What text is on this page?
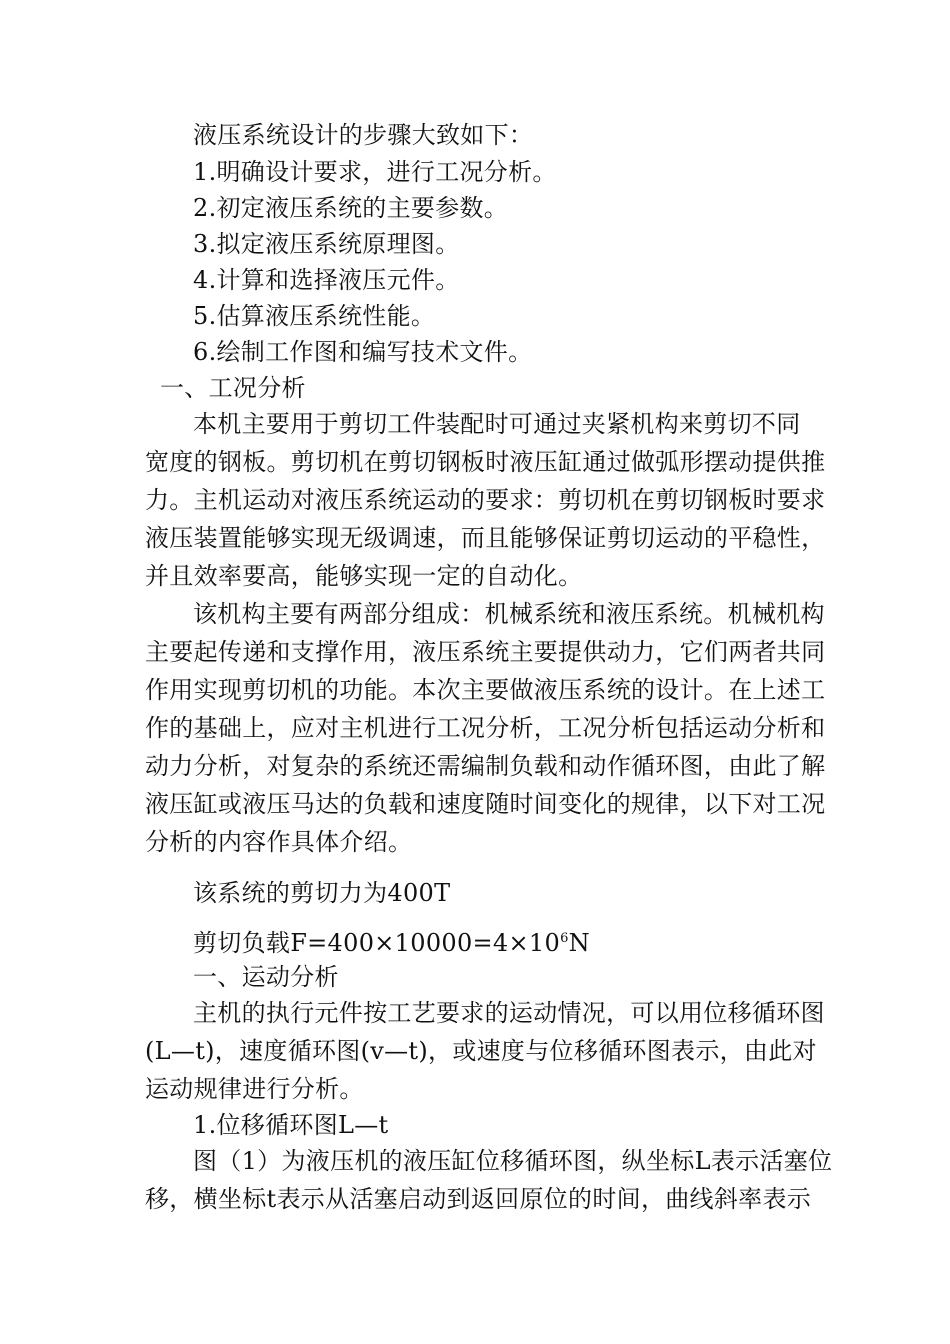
液压系统设计的步骤大致如下：
1.明确设计要求，进行工况分析。
2.初定液压系统的主要参数。
3.拟定液压系统原理图。
4.计算和选择液压元件。
5.估算液压系统性能。
6.绘制工作图和编写技术文件。
一、工况分析
本机主要用于剪切工件装配时可通过夹紧机构来剪切不同
宽度的钢板。剪切机在剪切钢板时液压缸通过做弧形摆动提供推
力。主机运动对液压系统运动的要求：剪切机在剪切钢板时要求
液压装置能够实现无级调速，而且能够保证剪切运动的平稳性，
并且效率要高，能够实现一定的自动化。
该机构主要有两部分组成：机械系统和液压系统。机械机构
主要起传递和支撑作用，液压系统主要提供动力，它们两者共同
作用实现剪切机的功能。本次主要做液压系统的设计。在上述工
作的基础上，应对主机进行工况分析，工况分析包括运动分析和
动力分析，对复杂的系统还需编制负载和动作循环图，由此了解
液压缸或液压马达的负载和速度随时间变化的规律，以下对工况
分析的内容作具体介绍。
该系统的剪切力为400T
剪切负载$F=400\times 10000=4\times 10^6N$
一、运动分析
主机的执行元件按工艺要求的运动情况，可以用位移循环图
(L—t)，速度循环图(v—t)，或速度与位移循环图表示，由此对
运动规律进行分析。
1.位移循环图L—t
图（1）为液压机的液压缸位移循环图，纵坐标L表示活塞位
移，横坐标t表示从活塞启动到返回原位的时间，曲线斜率表示
